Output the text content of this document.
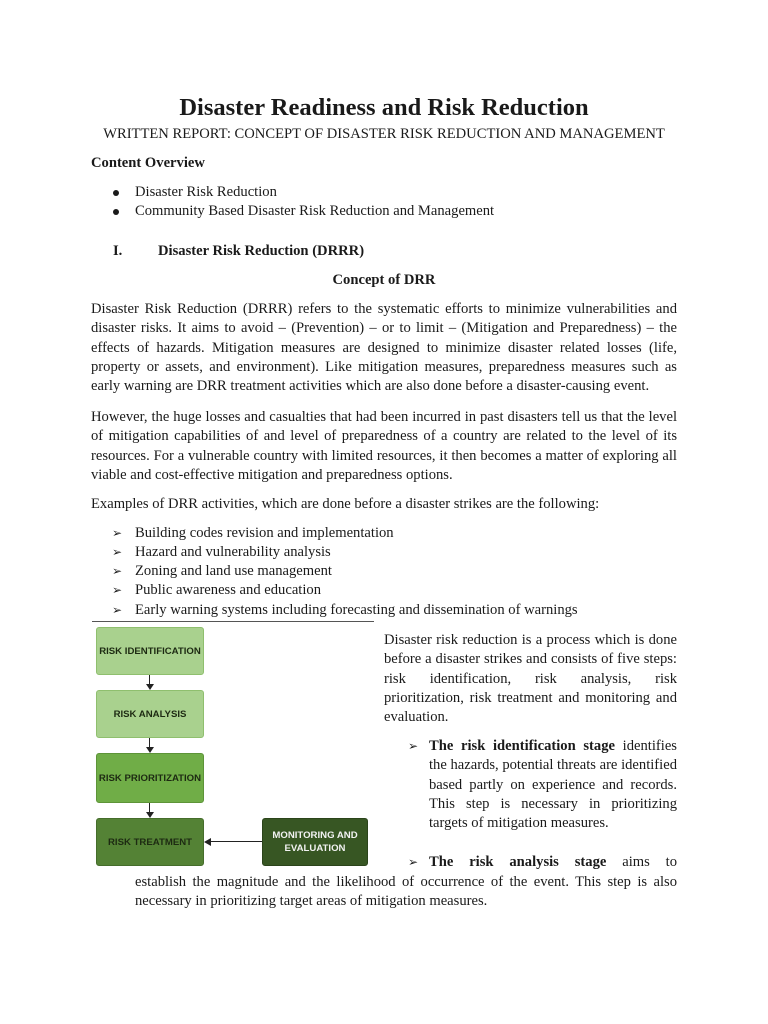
Disaster Readiness and Risk Reduction
WRITTEN REPORT: CONCEPT OF DISASTER RISK REDUCTION AND MANAGEMENT
Content Overview
Disaster Risk Reduction
Community Based Disaster Risk Reduction and Management
I. Disaster Risk Reduction (DRRR)
Concept of DRR
Disaster Risk Reduction (DRRR) refers to the systematic efforts to minimize vulnerabilities and disaster risks. It aims to avoid – (Prevention) – or to limit – (Mitigation and Preparedness) – the effects of hazards. Mitigation measures are designed to minimize disaster related losses (life, property or assets, and environment). Like mitigation measures, preparedness measures such as early warning are DRR treatment activities which are also done before a disaster-causing event.
However, the huge losses and casualties that had been incurred in past disasters tell us that the level of mitigation capabilities of and level of preparedness of a country are related to the level of its resources. For a vulnerable country with limited resources, it then becomes a matter of exploring all viable and cost-effective mitigation and preparedness options.
Examples of DRR activities, which are done before a disaster strikes are the following:
➢ Building codes revision and implementation
➢ Hazard and vulnerability analysis
➢ Zoning and land use management
➢ Public awareness and education
➢ Early warning systems including forecasting and dissemination of warnings
RISK IDENTIFICATION
RISK ANALYSIS
RISK PRIORITIZATION
RISK TREATMENT
MONITORING AND EVALUATION
Disaster risk reduction is a process which is done before a disaster strikes and consists of five steps: risk identification, risk analysis, risk prioritization, risk treatment and monitoring and evaluation.
➢ The risk identification stage identifies the hazards, potential threats are identified based partly on experience and records. This step is necessary in prioritizing targets of mitigation measures.
➢ The risk analysis stage aims to
establish the magnitude and the likelihood of occurrence of the event. This step is also
necessary in prioritizing target areas of mitigation measures.
